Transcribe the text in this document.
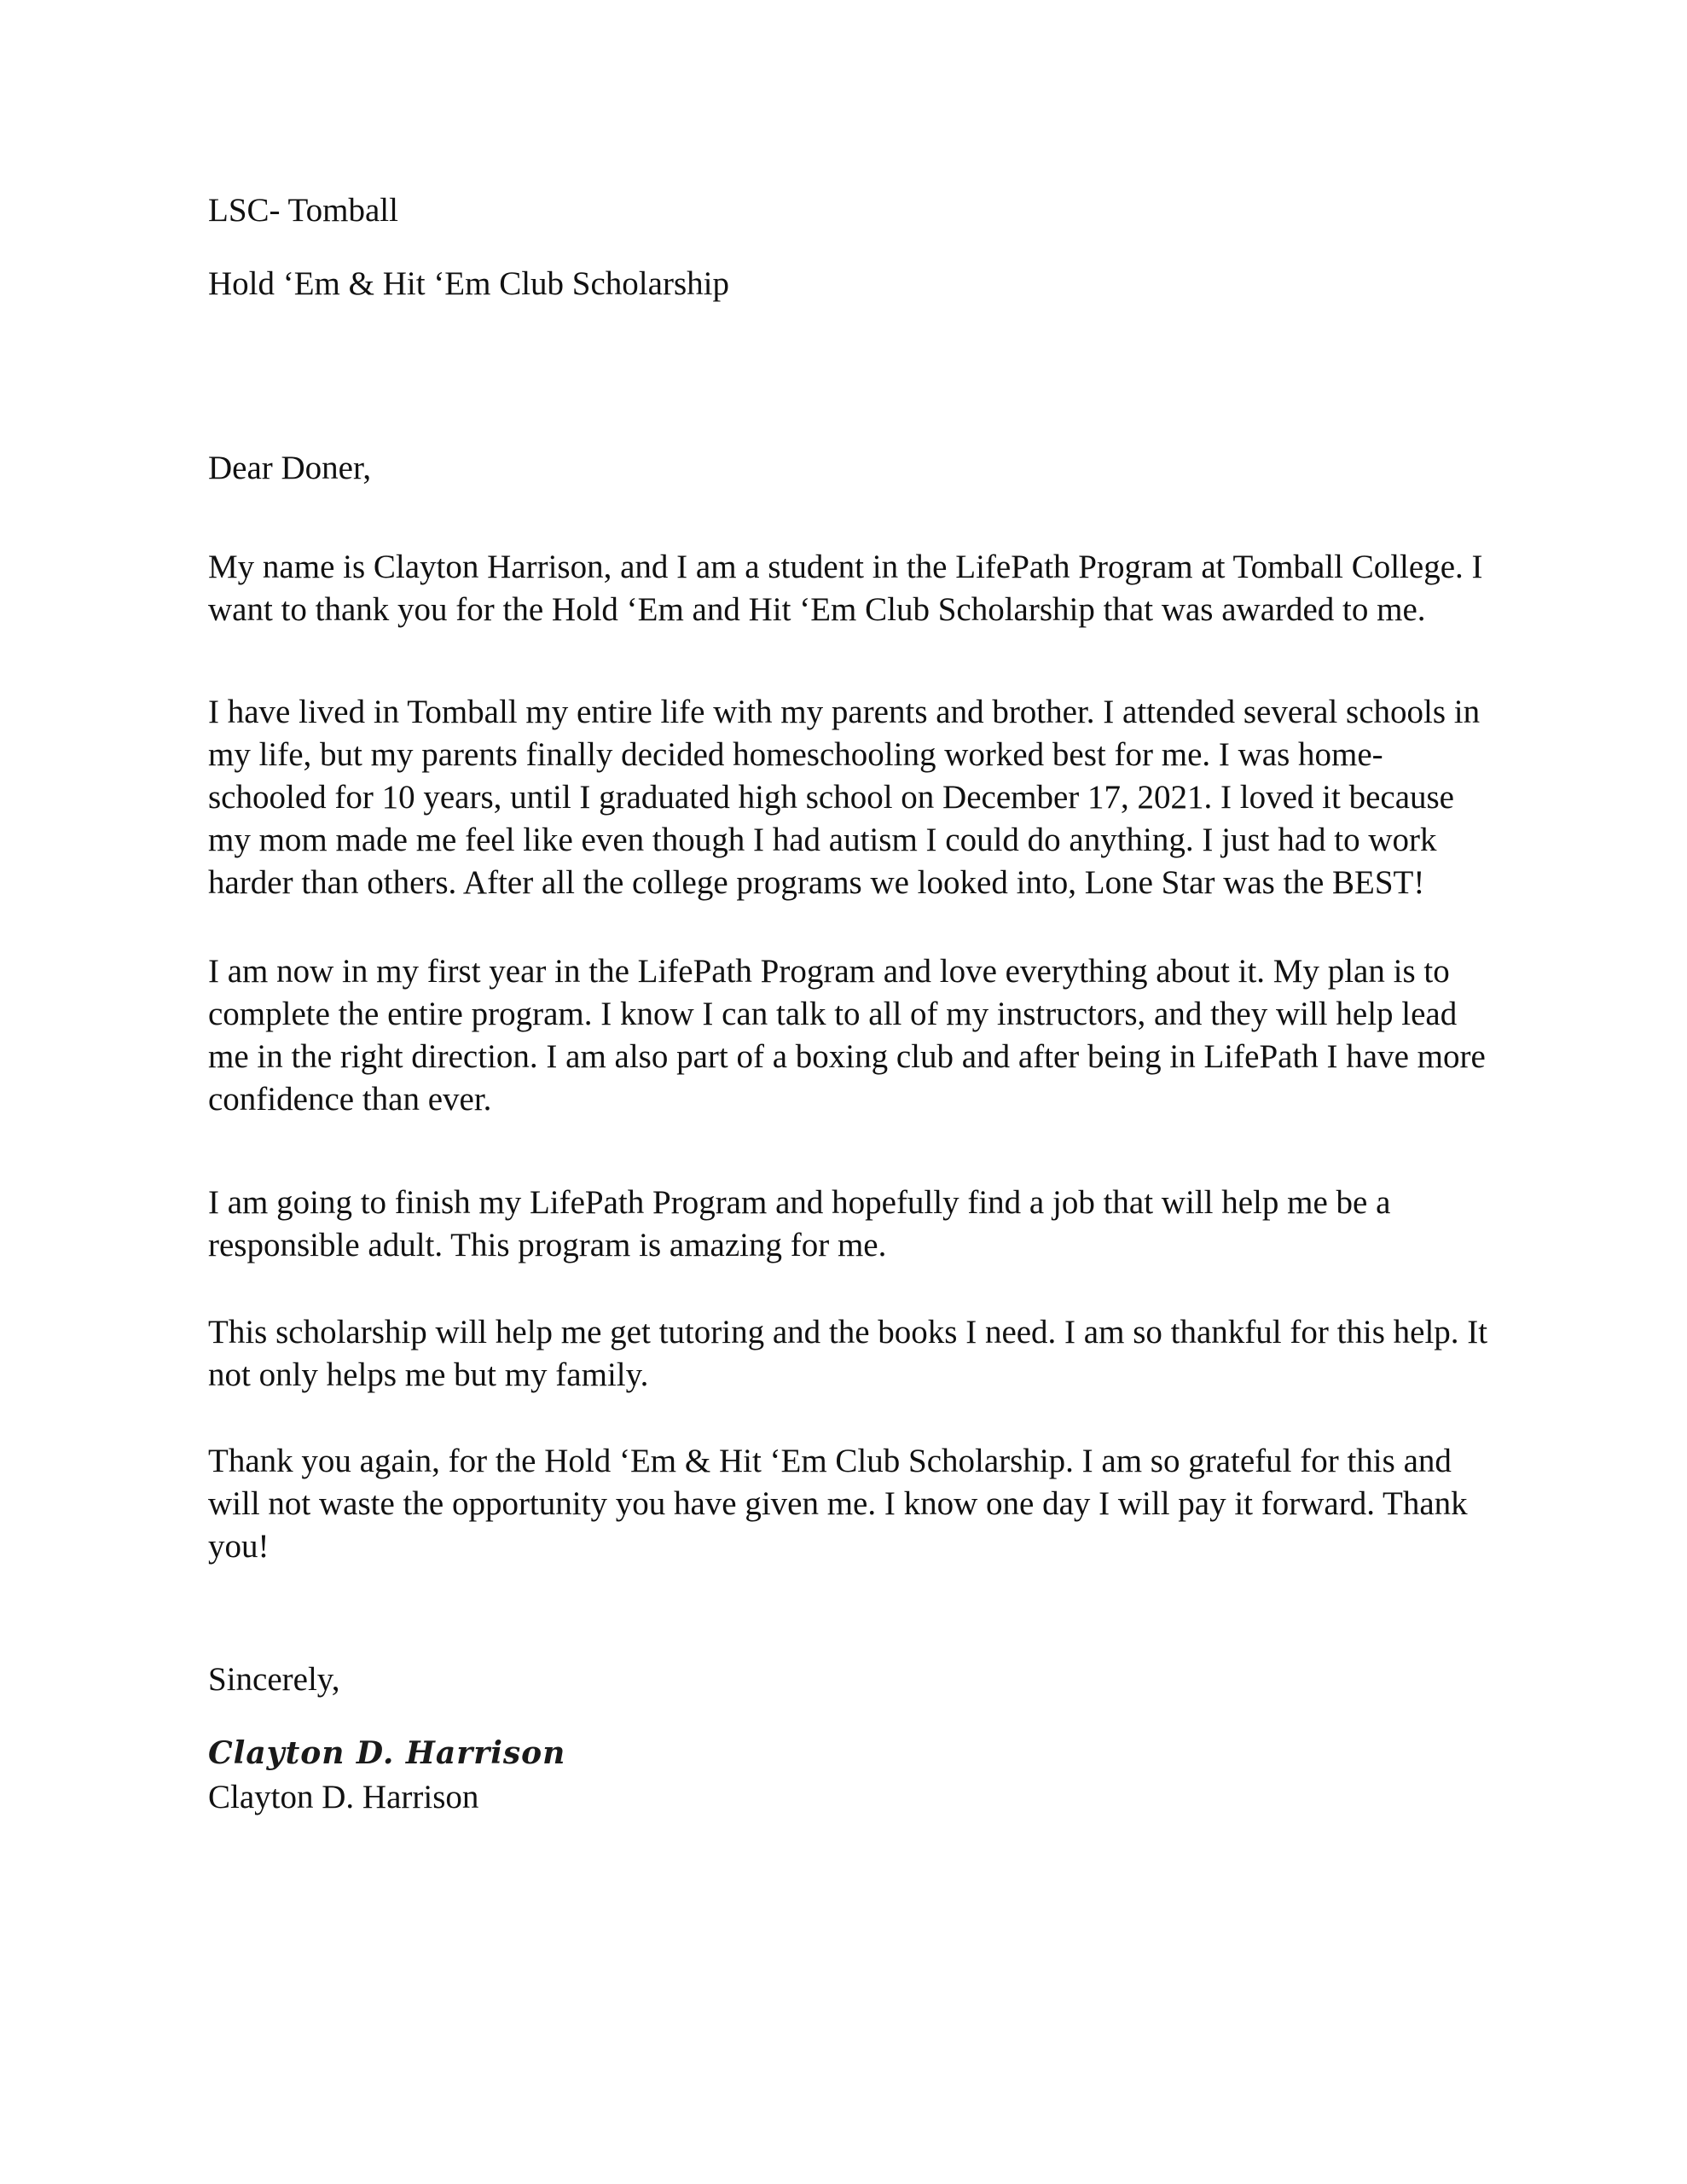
LSC- Tomball

Hold ‘Em & Hit ‘Em Club Scholarship

Dear Doner,

My name is Clayton Harrison, and I am a student in the LifePath Program at Tomball College. I
want to thank you for the Hold ‘Em and Hit ‘Em Club Scholarship that was awarded to me.

I have lived in Tomball my entire life with my parents and brother. I attended several schools in
my life, but my parents finally decided homeschooling worked best for me. I was home-
schooled for 10 years, until I graduated high school on December 17, 2021. I loved it because
my mom made me feel like even though I had autism I could do anything. I just had to work
harder than others. After all the college programs we looked into, Lone Star was the BEST!

I am now in my first year in the LifePath Program and love everything about it. My plan is to
complete the entire program. I know I can talk to all of my instructors, and they will help lead
me in the right direction. I am also part of a boxing club and after being in LifePath I have more
confidence than ever.

I am going to finish my LifePath Program and hopefully find a job that will help me be a
responsible adult. This program is amazing for me.

This scholarship will help me get tutoring and the books I need. I am so thankful for this help. It
not only helps me but my family.

Thank you again, for the Hold ‘Em & Hit ‘Em Club Scholarship. I am so grateful for this and
will not waste the opportunity you have given me. I know one day I will pay it forward. Thank
you!

Sincerely,

Clayton D. Harrison

Clayton D. Harrison
